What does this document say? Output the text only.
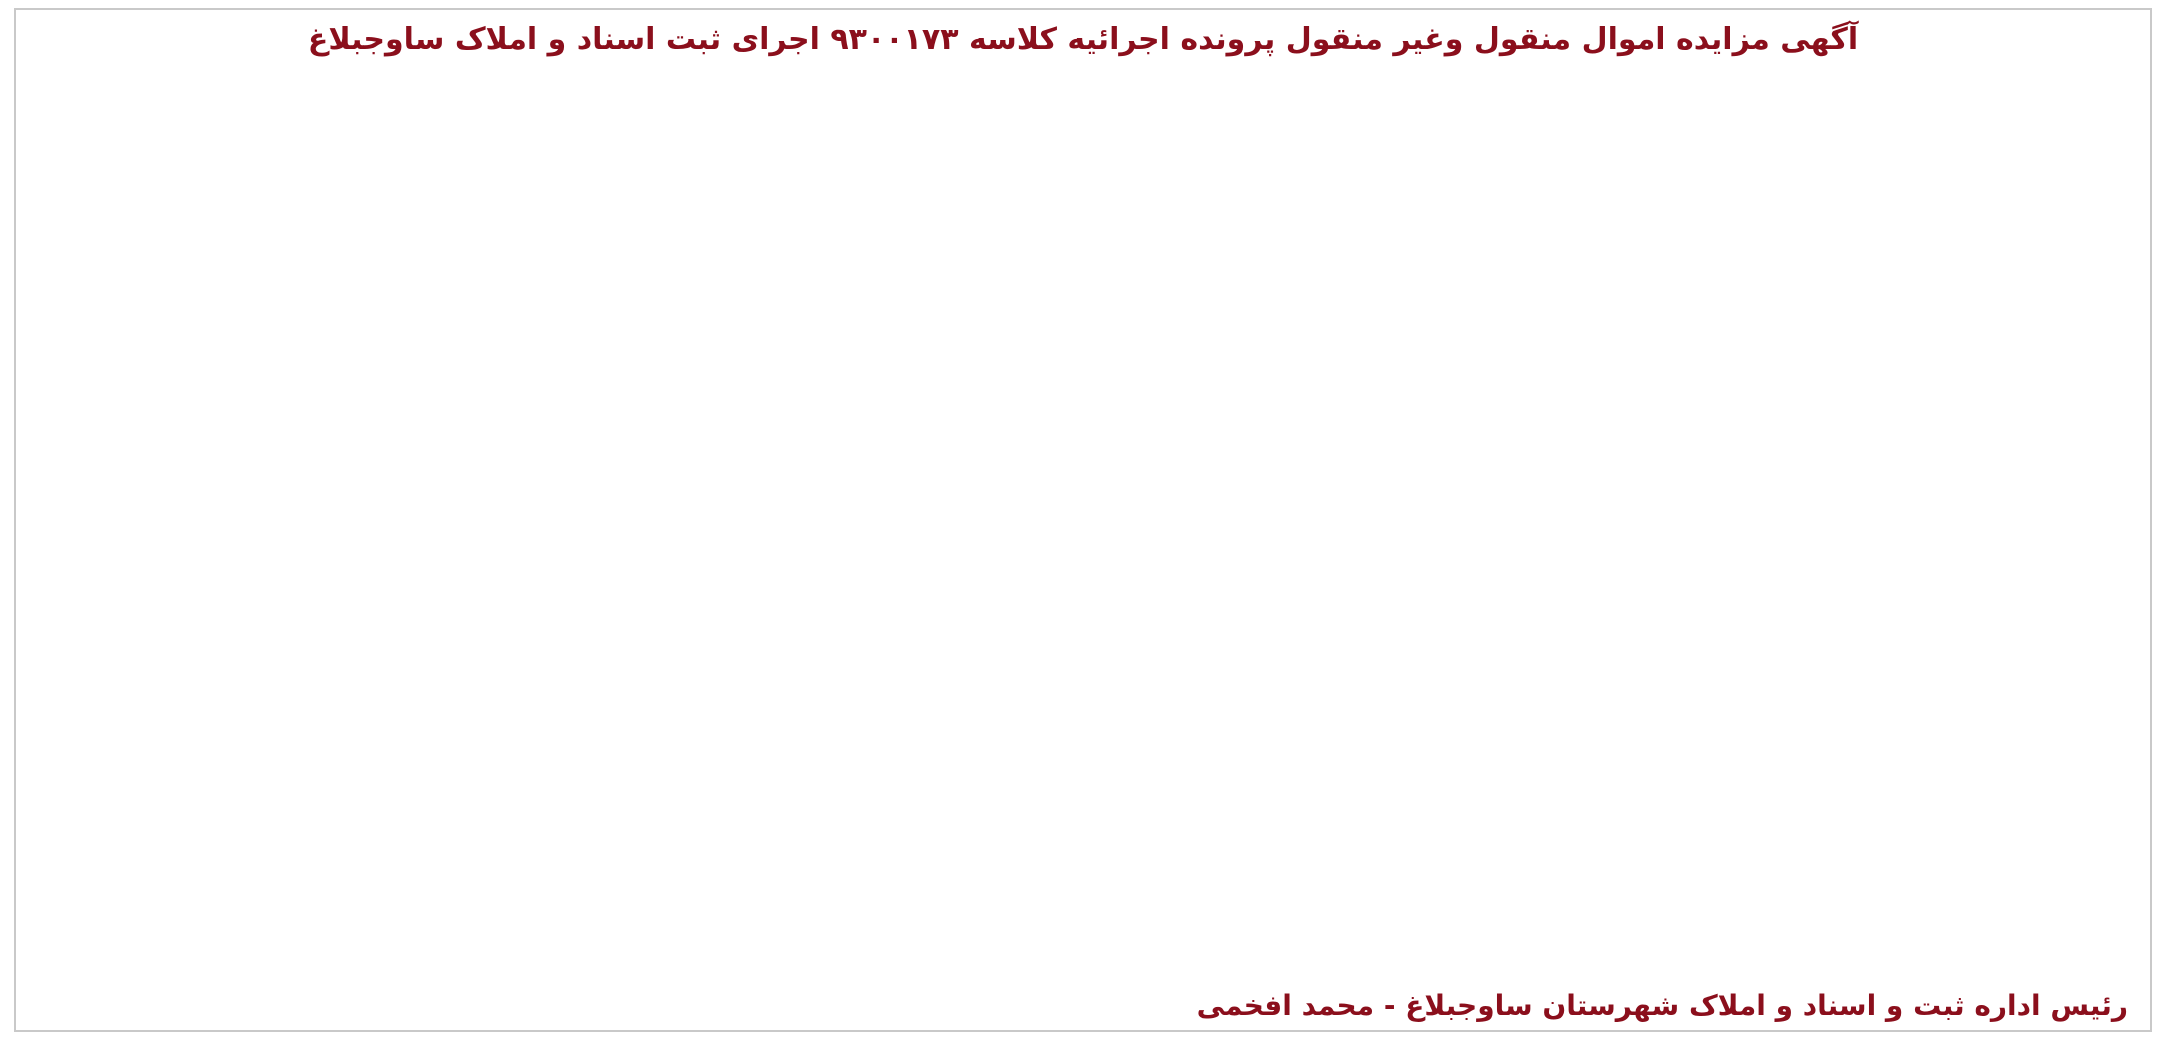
آگهی مزایده اموال منقول وغیر منقول پرونده اجرائیه کلاسه ۹۳۰۰۱۷۳ اجرای ثبت اسناد و املاک ساوجبلاغ

رئیس اداره ثبت و اسناد و املاک شهرستان ساوجبلاغ - محمد افخمی
